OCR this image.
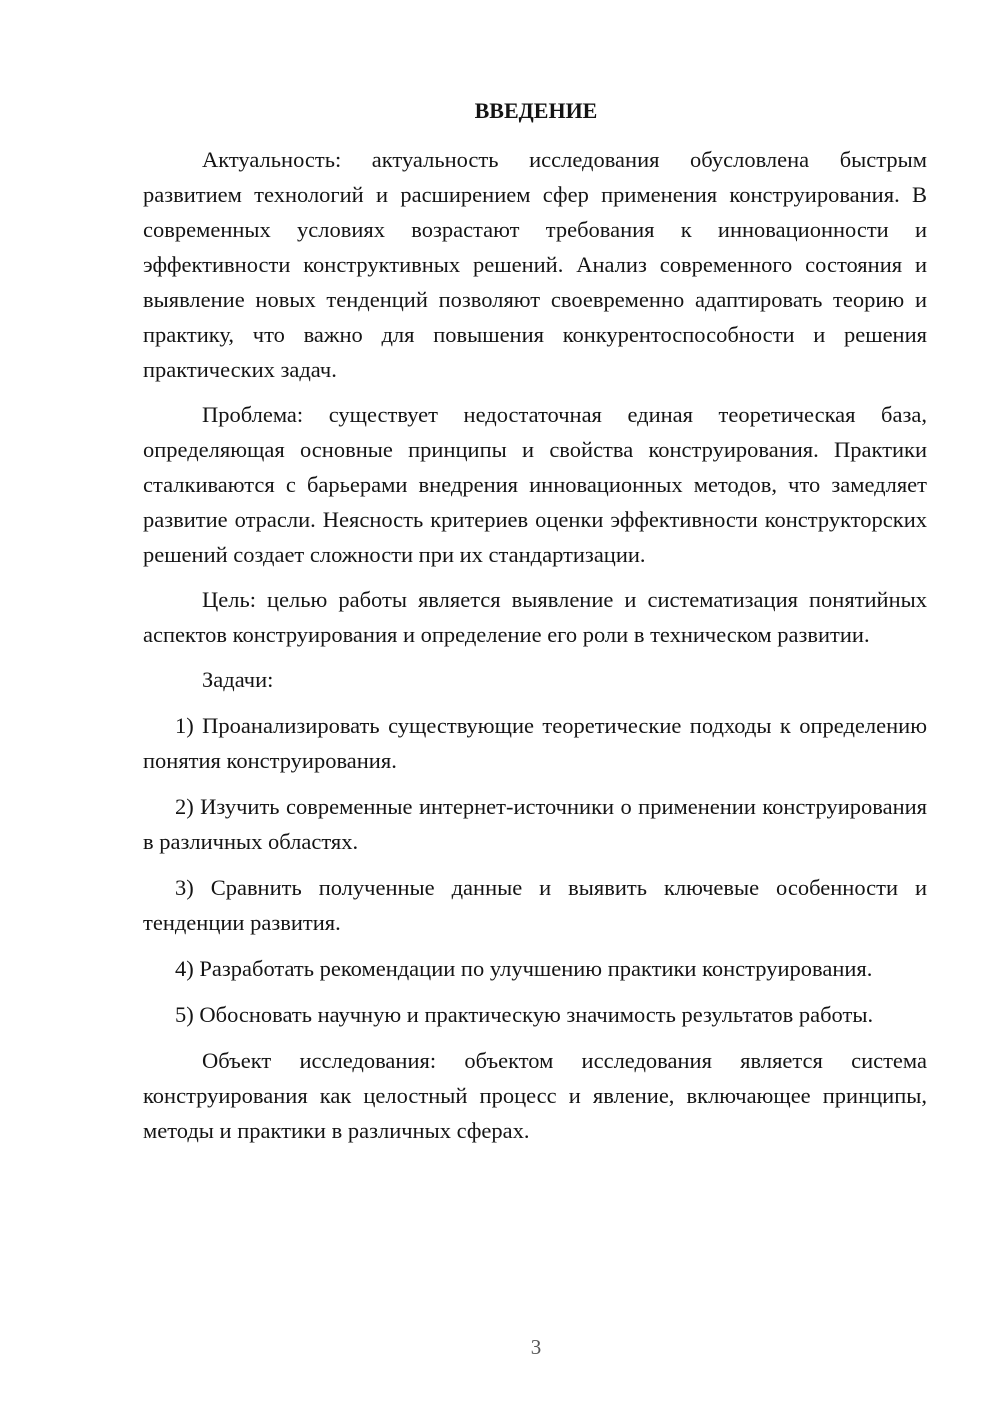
ВВЕДЕНИЕ

Актуальность: актуальность исследования обусловлена быстрым развитием технологий и расширением сфер применения конструирования. В современных условиях возрастают требования к инновационности и эффективности конструктивных решений. Анализ современного состояния и выявление новых тенденций позволяют своевременно адаптировать теорию и практику, что важно для повышения конкурентоспособности и решения практических задач.

Проблема: существует недостаточная единая теоретическая база, определяющая основные принципы и свойства конструирования. Практики сталкиваются с барьерами внедрения инновационных методов, что замедляет развитие отрасли. Неясность критериев оценки эффективности конструкторских решений создает сложности при их стандартизации.

Цель: целью работы является выявление и систематизация понятийных аспектов конструирования и определение его роли в техническом развитии.

Задачи:

1) Проанализировать существующие теоретические подходы к определению понятия конструирования.

2) Изучить современные интернет-источники о применении конструирования в различных областях.

3) Сравнить полученные данные и выявить ключевые особенности и тенденции развития.

4) Разработать рекомендации по улучшению практики конструирования.

5) Обосновать научную и практическую значимость результатов работы.

Объект исследования: объектом исследования является система конструирования как целостный процесс и явление, включающее принципы, методы и практики в различных сферах.

3
